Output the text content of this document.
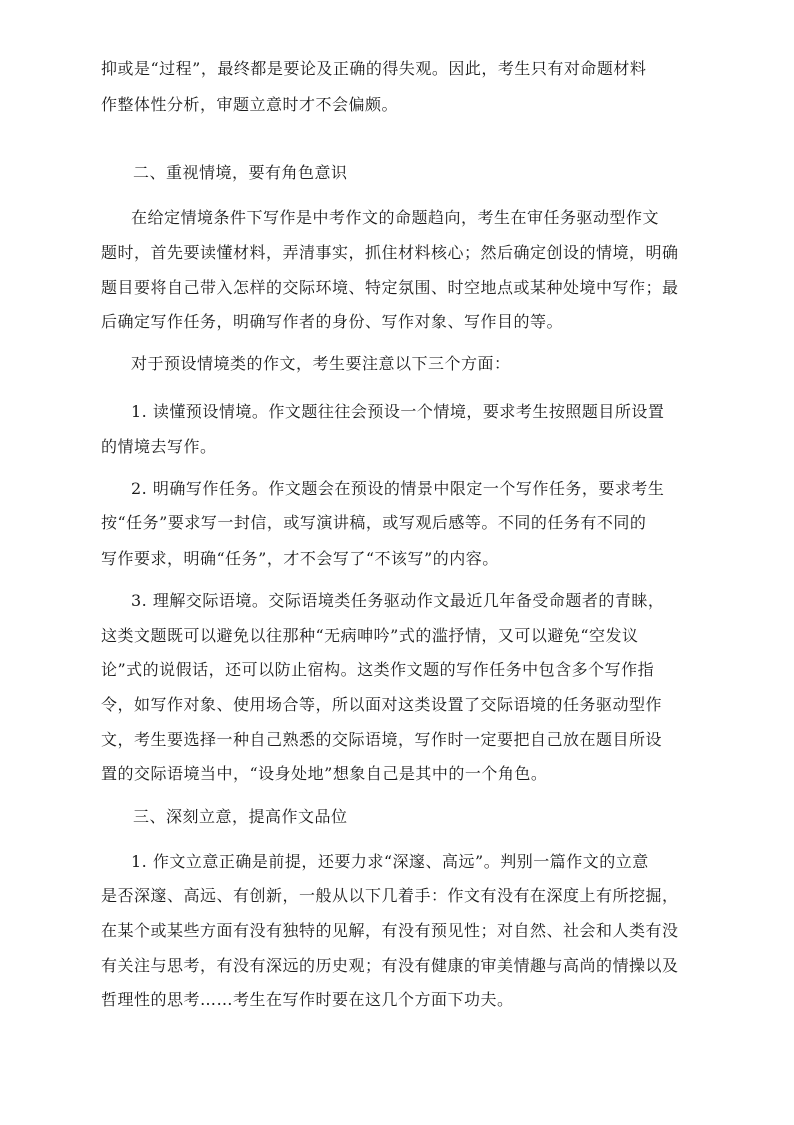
抑或是“过程”，最终都是要论及正确的得失观。因此，考生只有对命题材料
作整体性分析，审题立意时才不会偏颇。
二、重视情境，要有角色意识
在给定情境条件下写作是中考作文的命题趋向，考生在审任务驱动型作文
题时，首先要读懂材料，弄清事实，抓住材料核心；然后确定创设的情境，明确
题目要将自己带入怎样的交际环境、特定氛围、时空地点或某种处境中写作；最
后确定写作任务，明确写作者的身份、写作对象、写作目的等。
对于预设情境类的作文，考生要注意以下三个方面：
1. 读懂预设情境。作文题往往会预设一个情境，要求考生按照题目所设置
的情境去写作。
2. 明确写作任务。作文题会在预设的情景中限定一个写作任务，要求考生
按“任务”要求写一封信，或写演讲稿，或写观后感等。不同的任务有不同的
写作要求，明确“任务”，才不会写了“不该写”的内容。
3. 理解交际语境。交际语境类任务驱动作文最近几年备受命题者的青睐，
这类文题既可以避免以往那种“无病呻吟”式的滥抒情，又可以避免“空发议
论”式的说假话，还可以防止宿构。这类作文题的写作任务中包含多个写作指
令，如写作对象、使用场合等，所以面对这类设置了交际语境的任务驱动型作
文，考生要选择一种自己熟悉的交际语境，写作时一定要把自己放在题目所设
置的交际语境当中，“设身处地”想象自己是其中的一个角色。
三、深刻立意，提高作文品位
1. 作文立意正确是前提，还要力求“深邃、高远”。判别一篇作文的立意
是否深邃、高远、有创新，一般从以下几着手：作文有没有在深度上有所挖掘，
在某个或某些方面有没有独特的见解，有没有预见性；对自然、社会和人类有没
有关注与思考，有没有深远的历史观；有没有健康的审美情趣与高尚的情操以及
哲理性的思考……考生在写作时要在这几个方面下功夫。
